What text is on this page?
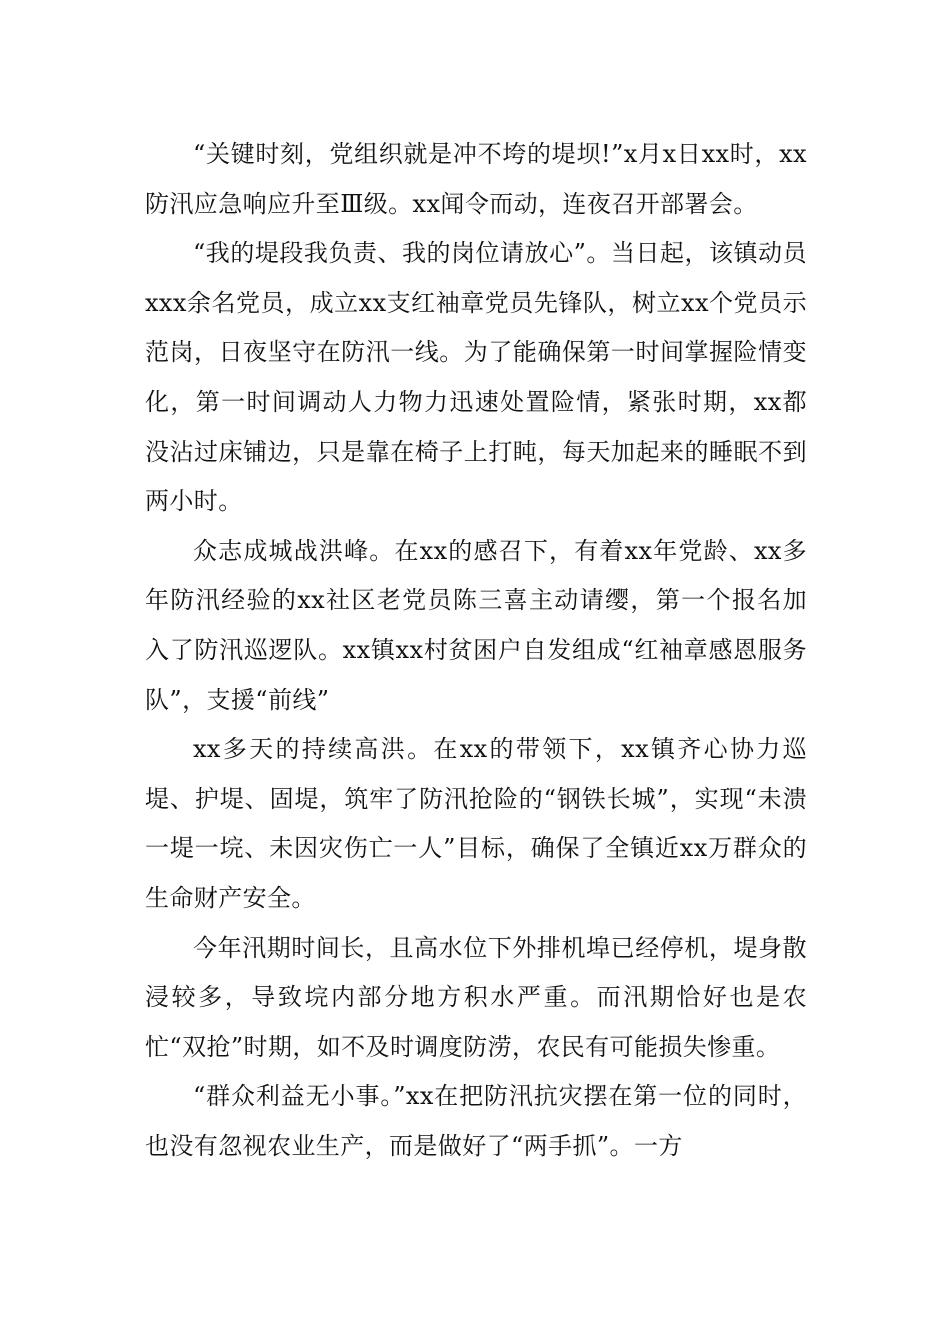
“关键时刻，党组织就是冲不垮的堤坝!”x月x日xx时，xx防汛应急响应升至Ⅲ级。xx闻令而动，连夜召开部署会。

“我的堤段我负责、我的岗位请放心”。当日起，该镇动员xxx余名党员，成立xx支红袖章党员先锋队，树立xx个党员示范岗，日夜坚守在防汛一线。为了能确保第一时间掌握险情变化，第一时间调动人力物力迅速处置险情，紧张时期，xx都没沾过床铺边，只是靠在椅子上打盹，每天加起来的睡眠不到两小时。

众志成城战洪峰。在xx的感召下，有着xx年党龄、xx多年防汛经验的xx社区老党员陈三喜主动请缨，第一个报名加入了防汛巡逻队。xx镇xx村贫困户自发组成“红袖章感恩服务队”，支援“前线”

xx多天的持续高洪。在xx的带领下，xx镇齐心协力巡堤、护堤、固堤，筑牢了防汛抢险的“钢铁长城”，实现“未溃一堤一垸、未因灾伤亡一人”目标，确保了全镇近xx万群众的生命财产安全。

今年汛期时间长，且高水位下外排机埠已经停机，堤身散浸较多，导致垸内部分地方积水严重。而汛期恰好也是农忙“双抢”时期，如不及时调度防涝，农民有可能损失惨重。

“群众利益无小事。”xx在把防汛抗灾摆在第一位的同时，也没有忽视农业生产，而是做好了“两手抓”。一方
